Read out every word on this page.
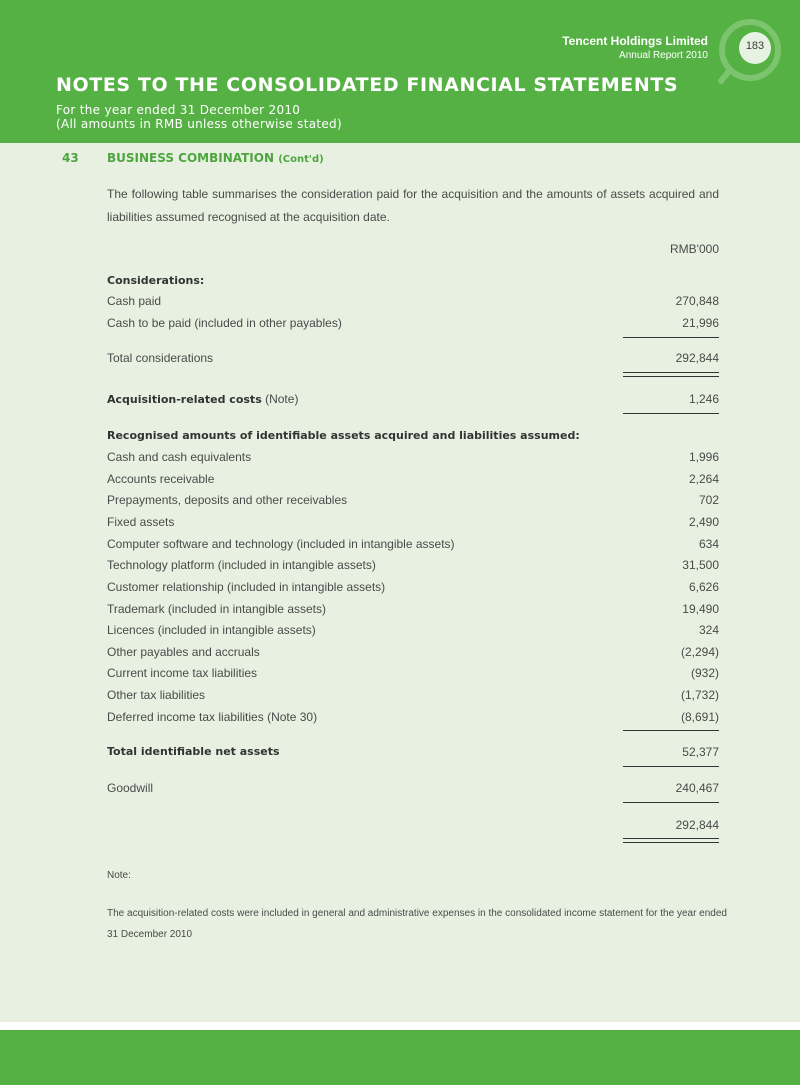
Tencent Holdings Limited
Annual Report 2010
183
NOTES TO THE CONSOLIDATED FINANCIAL STATEMENTS
For the year ended 31 December 2010
(All amounts in RMB unless otherwise stated)
43 BUSINESS COMBINATION (Cont'd)
The following table summarises the consideration paid for the acquisition and the amounts of assets acquired and liabilities assumed recognised at the acquisition date.
RMB'000
Considerations:
Cash paid	270,848
Cash to be paid (included in other payables)	21,996
Total considerations	292,844
Acquisition-related costs (Note)	1,246
Recognised amounts of identifiable assets acquired and liabilities assumed:
Cash and cash equivalents	1,996
Accounts receivable	2,264
Prepayments, deposits and other receivables	702
Fixed assets	2,490
Computer software and technology (included in intangible assets)	634
Technology platform (included in intangible assets)	31,500
Customer relationship (included in intangible assets)	6,626
Trademark (included in intangible assets)	19,490
Licences (included in intangible assets)	324
Other payables and accruals	(2,294)
Current income tax liabilities	(932)
Other tax liabilities	(1,732)
Deferred income tax liabilities (Note 30)	(8,691)
Total identifiable net assets	52,377
Goodwill	240,467
292,844
Note:
The acquisition-related costs were included in general and administrative expenses in the consolidated income statement for the year ended 31 December 2010
